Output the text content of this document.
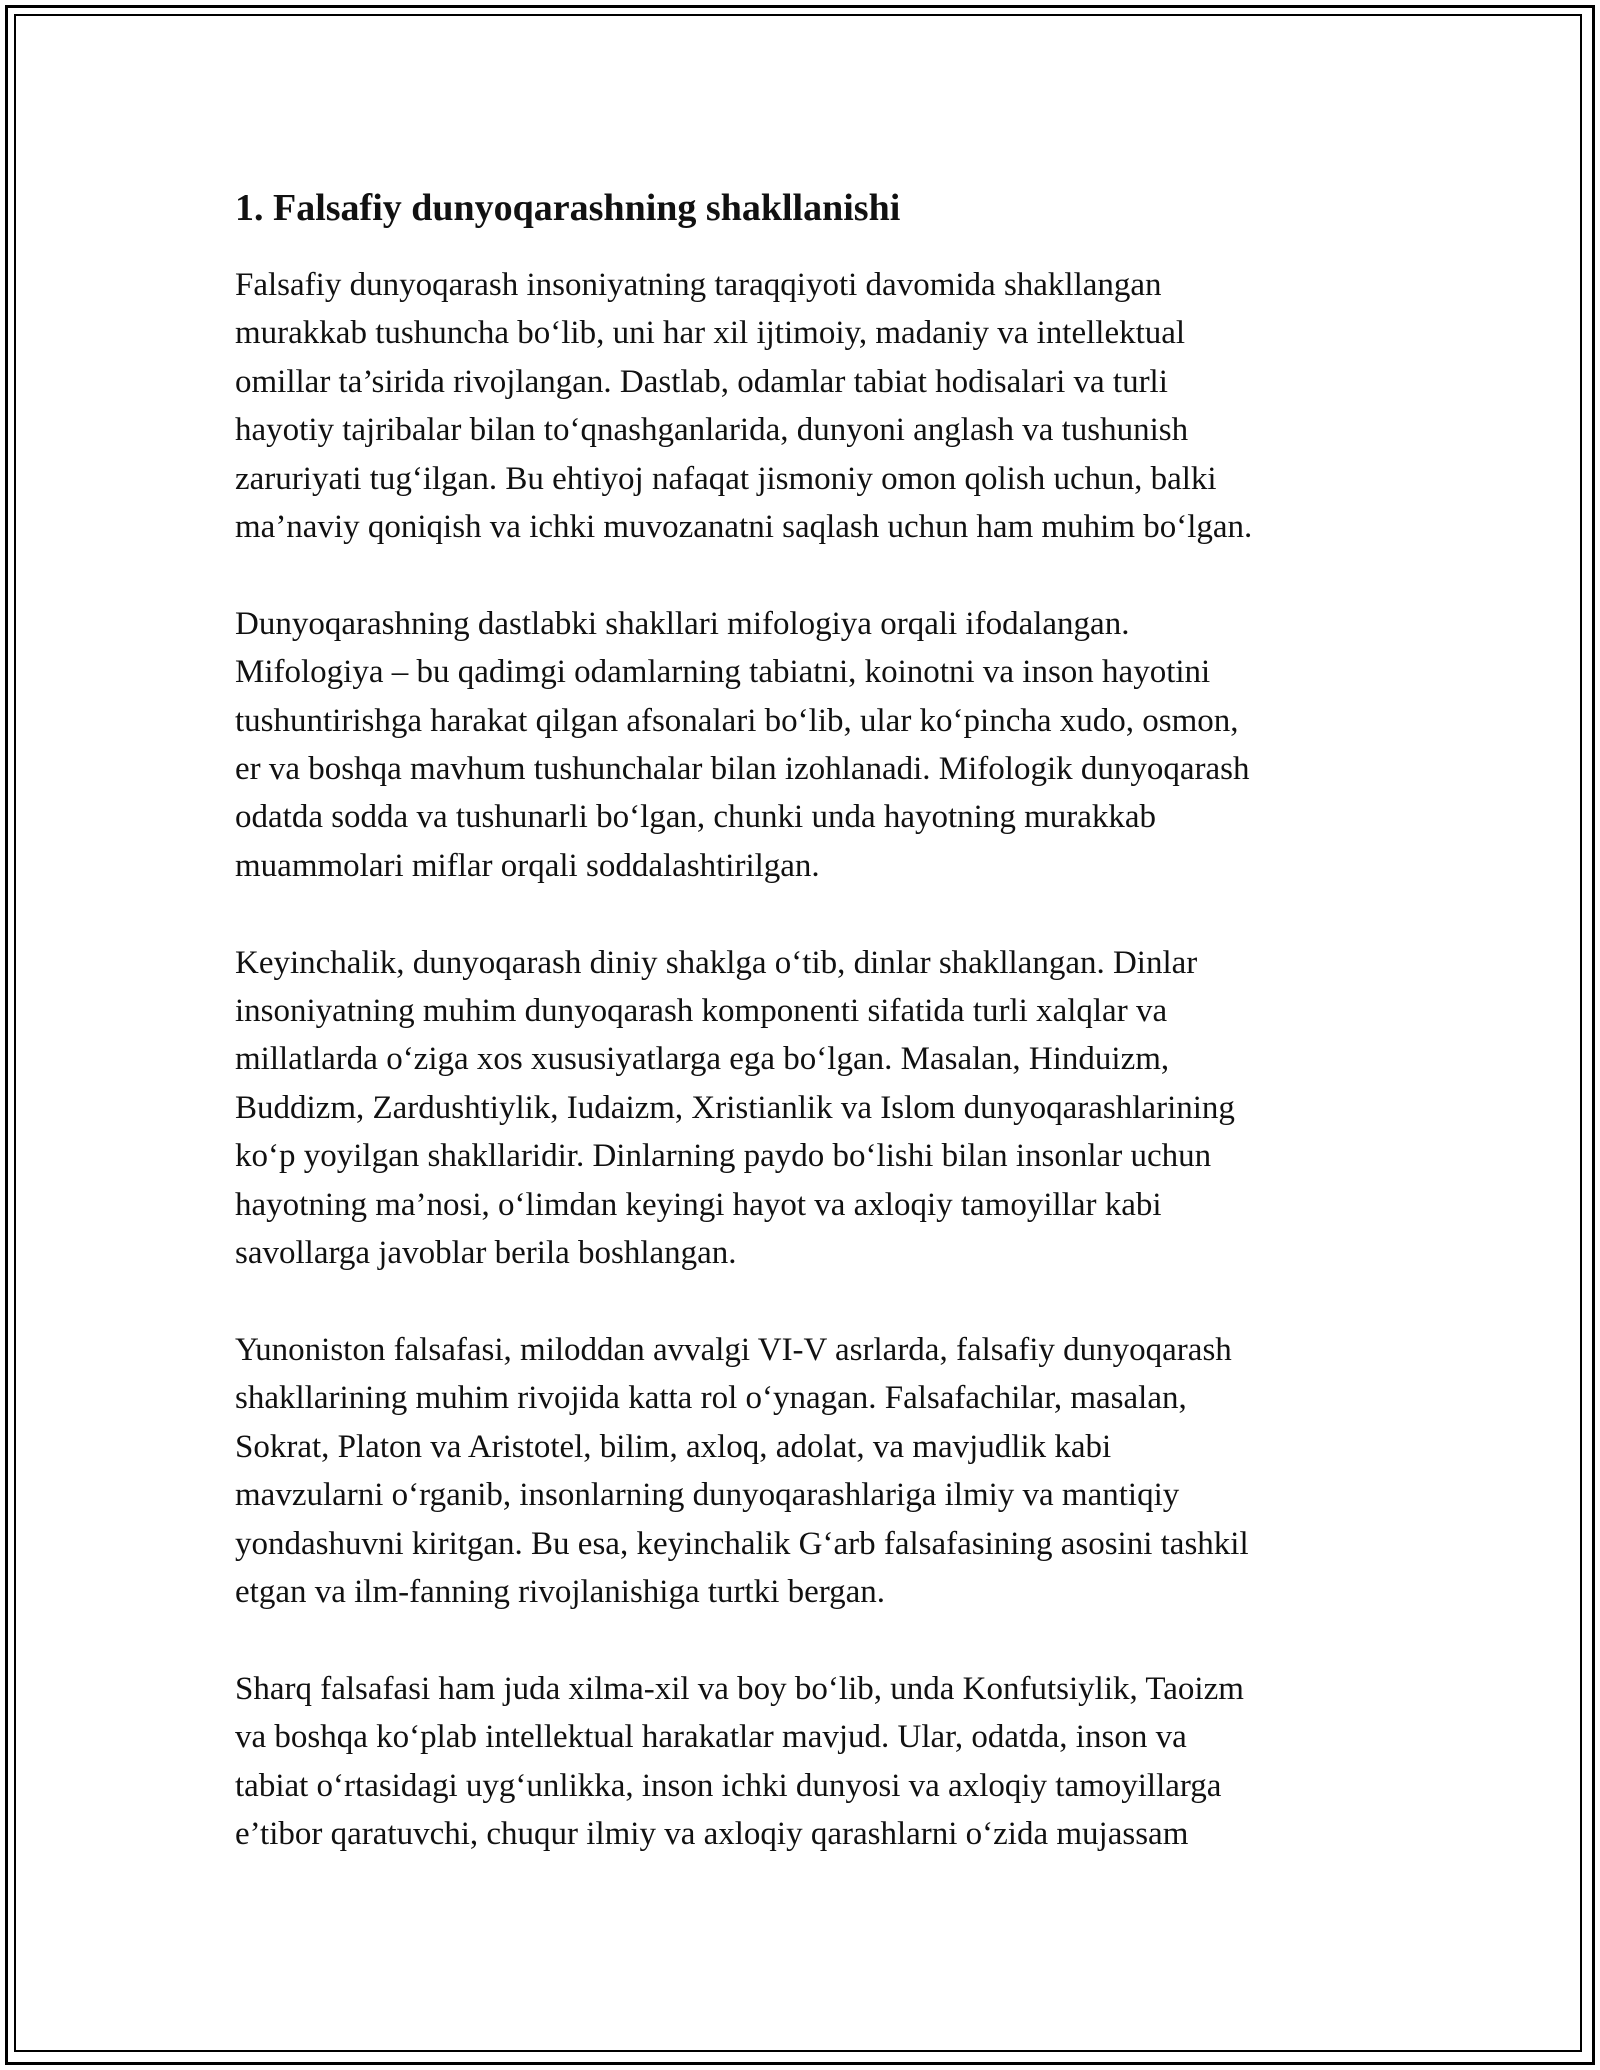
1. Falsafiy dunyoqarashning shakllanishi
Falsafiy dunyoqarash insoniyatning taraqqiyoti davomida shakllangan
murakkab tushuncha bo‘lib, uni har xil ijtimoiy, madaniy va intellektual
omillar ta’sirida rivojlangan. Dastlab, odamlar tabiat hodisalari va turli
hayotiy tajribalar bilan to‘qnashganlarida, dunyoni anglash va tushunish
zaruriyati tug‘ilgan. Bu ehtiyoj nafaqat jismoniy omon qolish uchun, balki
ma’naviy qoniqish va ichki muvozanatni saqlash uchun ham muhim bo‘lgan.
Dunyoqarashning dastlabki shakllari mifologiya orqali ifodalangan.
Mifologiya – bu qadimgi odamlarning tabiatni, koinotni va inson hayotini
tushuntirishga harakat qilgan afsonalari bo‘lib, ular ko‘pincha xudo, osmon,
er va boshqa mavhum tushunchalar bilan izohlanadi. Mifologik dunyoqarash
odatda sodda va tushunarli bo‘lgan, chunki unda hayotning murakkab
muammolari miflar orqali soddalashtirilgan.
Keyinchalik, dunyoqarash diniy shaklga o‘tib, dinlar shakllangan. Dinlar
insoniyatning muhim dunyoqarash komponenti sifatida turli xalqlar va
millatlarda o‘ziga xos xususiyatlarga ega bo‘lgan. Masalan, Hinduizm,
Buddizm, Zardushtiylik, Iudaizm, Xristianlik va Islom dunyoqarashlarining
ko‘p yoyilgan shakllaridir. Dinlarning paydo bo‘lishi bilan insonlar uchun
hayotning ma’nosi, o‘limdan keyingi hayot va axloqiy tamoyillar kabi
savollarga javoblar berila boshlangan.
Yunoniston falsafasi, miloddan avvalgi VI-V asrlarda, falsafiy dunyoqarash
shakllarining muhim rivojida katta rol o‘ynagan. Falsafachilar, masalan,
Sokrat, Platon va Aristotel, bilim, axloq, adolat, va mavjudlik kabi
mavzularni o‘rganib, insonlarning dunyoqarashlariga ilmiy va mantiqiy
yondashuvni kiritgan. Bu esa, keyinchalik G‘arb falsafasining asosini tashkil
etgan va ilm-fanning rivojlanishiga turtki bergan.
Sharq falsafasi ham juda xilma-xil va boy bo‘lib, unda Konfutsiylik, Taoizm
va boshqa ko‘plab intellektual harakatlar mavjud. Ular, odatda, inson va
tabiat o‘rtasidagi uyg‘unlikka, inson ichki dunyosi va axloqiy tamoyillarga
e’tibor qaratuvchi, chuqur ilmiy va axloqiy qarashlarni o‘zida mujassam
